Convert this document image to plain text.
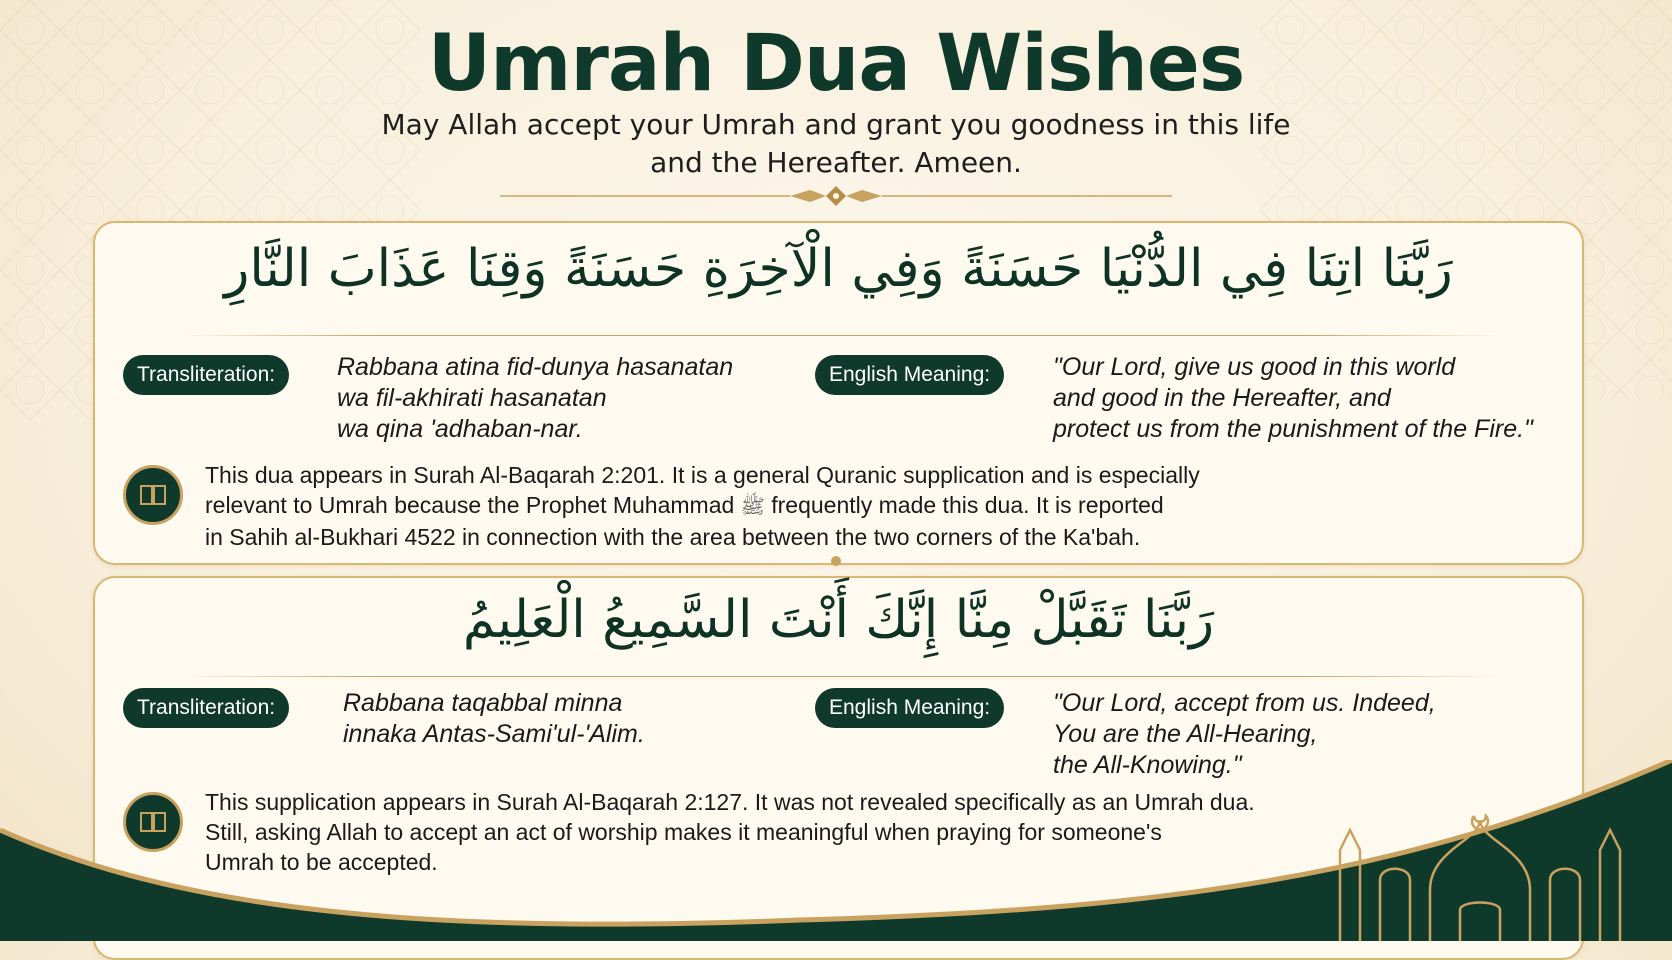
Umrah Dua Wishes
May Allah accept your Umrah and grant you goodness in this life
and the Hereafter. Ameen.
رَبَّنَا اتِنَا فِي الدُّنْيَا حَسَنَةً وَفِي الْآخِرَةِ حَسَنَةً وَقِنَا عَذَابَ النَّارِ
Transliteration:	Rabbana atina fid-dunya hasanatan
wa fil-akhirati hasanatan
wa qina 'adhaban-nar.
English Meaning:	"Our Lord, give us good in this world
and good in the Hereafter, and
protect us from the punishment of the Fire."
This dua appears in Surah Al-Baqarah 2:201. It is a general Quranic supplication and is especially
relevant to Umrah because the Prophet Muhammad ﷺ frequently made this dua. It is reported
in Sahih al-Bukhari 4522 in connection with the area between the two corners of the Ka'bah.
رَبَّنَا تَقَبَّلْ مِنَّا إِنَّكَ أَنْتَ السَّمِيعُ الْعَلِيمُ
Transliteration:	Rabbana taqabbal minna
innaka Antas-Sami'ul-'Alim.
English Meaning:	"Our Lord, accept from us. Indeed,
You are the All-Hearing,
the All-Knowing."
This supplication appears in Surah Al-Baqarah 2:127. It was not revealed specifically as an Umrah dua.
Still, asking Allah to accept an act of worship makes it meaningful when praying for someone's
Umrah to be accepted.
